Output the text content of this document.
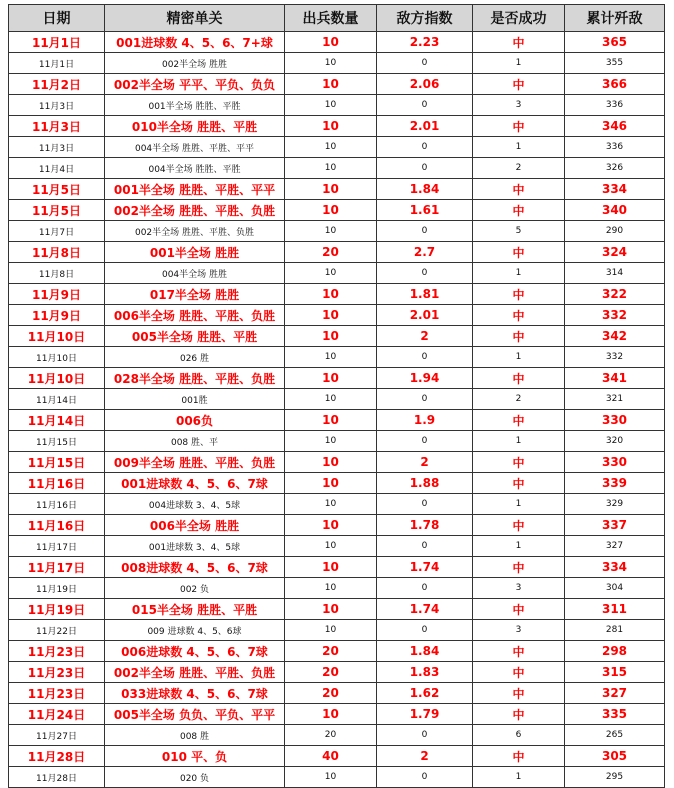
日期	精密单关	出兵数量	敌方指数	是否成功	累计歼敌
11月1日	001进球数 4、5、6、7+球	10	2.23	中	365
11月1日	002半全场 胜胜	10	0	1	355
11月2日	002半全场 平平、平负、负负	10	2.06	中	366
11月3日	001半全场 胜胜、平胜	10	0	3	336
11月3日	010半全场 胜胜、平胜	10	2.01	中	346
11月3日	004半全场 胜胜、平胜、平平	10	0	1	336
11月4日	004半全场 胜胜、平胜	10	0	2	326
11月5日	001半全场 胜胜、平胜、平平	10	1.84	中	334
11月5日	002半全场 胜胜、平胜、负胜	10	1.61	中	340
11月7日	002半全场 胜胜、平胜、负胜	10	0	5	290
11月8日	001半全场 胜胜	20	2.7	中	324
11月8日	004半全场 胜胜	10	0	1	314
11月9日	017半全场 胜胜	10	1.81	中	322
11月9日	006半全场 胜胜、平胜、负胜	10	2.01	中	332
11月10日	005半全场 胜胜、平胜	10	2	中	342
11月10日	026 胜	10	0	1	332
11月10日	028半全场 胜胜、平胜、负胜	10	1.94	中	341
11月14日	001胜	10	0	2	321
11月14日	006负	10	1.9	中	330
11月15日	008 胜、平	10	0	1	320
11月15日	009半全场 胜胜、平胜、负胜	10	2	中	330
11月16日	001进球数 4、5、6、7球	10	1.88	中	339
11月16日	004进球数 3、4、5球	10	0	1	329
11月16日	006半全场 胜胜	10	1.78	中	337
11月17日	001进球数 3、4、5球	10	0	1	327
11月17日	008进球数 4、5、6、7球	10	1.74	中	334
11月19日	002 负	10	0	3	304
11月19日	015半全场 胜胜、平胜	10	1.74	中	311
11月22日	009 进球数 4、5、6球	10	0	3	281
11月23日	006进球数 4、5、6、7球	20	1.84	中	298
11月23日	002半全场 胜胜、平胜、负胜	20	1.83	中	315
11月23日	033进球数 4、5、6、7球	20	1.62	中	327
11月24日	005半全场 负负、平负、平平	10	1.79	中	335
11月27日	008 胜	20	0	6	265
11月28日	010 平、负	40	2	中	305
11月28日	020 负	10	0	1	295
